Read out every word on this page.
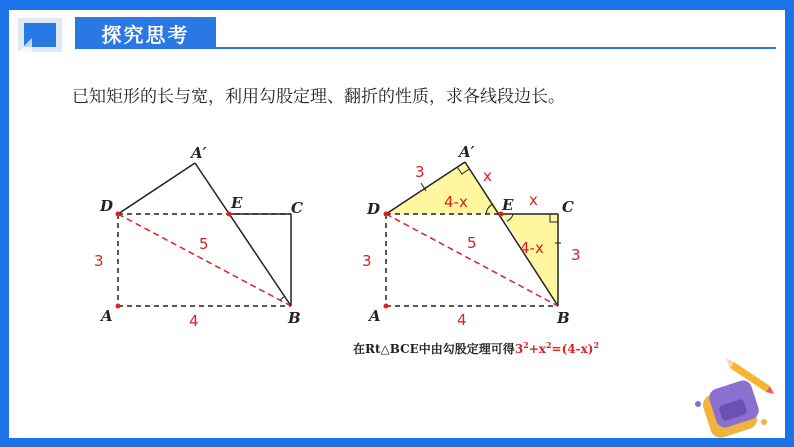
探究思考
已知矩形的长与宽，利用勾股定理、翻折的性质，求各线段边长。
A′
D	E	C
A	B
3
5
4
A′
D	E	C
A	B
3
5
4
3	x
4-x	x
4-x 3
在Rt△BCE中由勾股定理可得$3^2+x^2=(4-x)^2$
